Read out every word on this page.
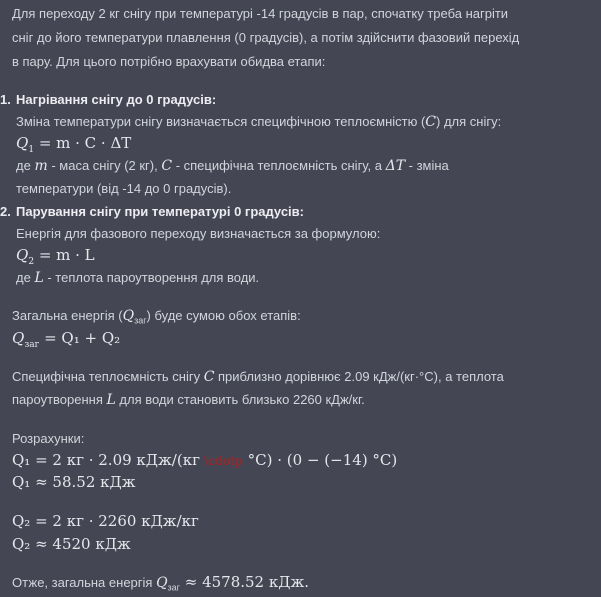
Для переходу 2 кг снігу при температурі -14 градусів в пар, спочатку треба нагріти
сніг до його температури плавлення (0 градусів), а потім здійснити фазовий перехід
в пару. Для цього потрібно врахувати обидва етапи:
1. Нагрівання снігу до 0 градусів:
Зміна температури снігу визначається специфічною теплоємністю (C) для снігу:
$Q_1 = m \cdot C \cdot \Delta T$
де m - маса снігу (2 кг), C - специфічна теплоємність снігу, а ΔT - зміна
температури (від -14 до 0 градусів).
2. Парування снігу при температурі 0 градусів:
Енергія для фазового переходу визначається за формулою:
$Q_2 = m \cdot L$
де L - теплота пароутворення для води.
Загальна енергія $(Q_{заг})$ буде сумою обох етапів:
$Q_{заг} = Q_1 + Q_2$
Специфічна теплоємність снігу C приблизно дорівнює 2.09 кДж/(кг·°C), а теплота
пароутворення L для води становить близько 2260 кДж/кг.
Розрахунки:
Q₁ = 2 кг · 2.09 кДж/(кг \cdotp °C) · (0 − (−14) °C)
Q₁ ≈ 58.52 кДж
Q₂ = 2 кг · 2260 кДж/кг
Q₂ ≈ 4520 кДж
Отже, загальна енергія $Q_{заг} \approx 4578.52$ кДж.
